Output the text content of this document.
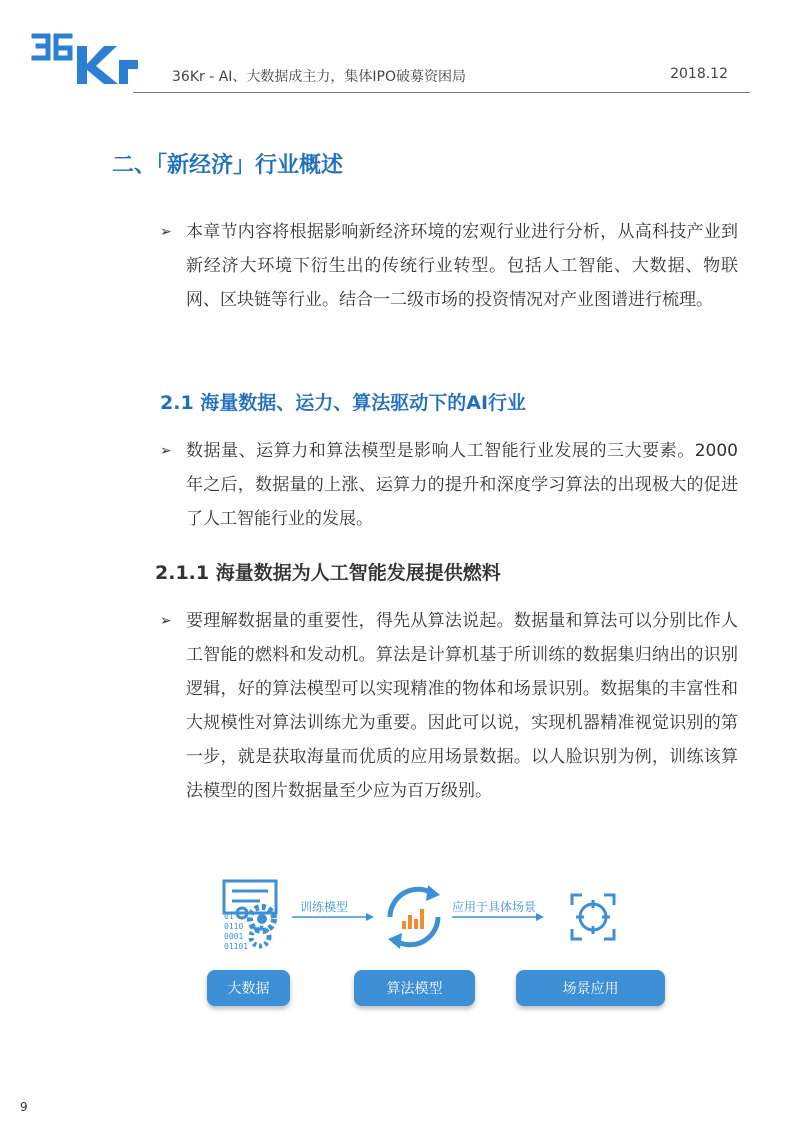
36Kr - AI、大数据成主力，集体IPO破募资困局	2018.12
二、「新经济」行业概述
➢ 本章节内容将根据影响新经济环境的宏观行业进行分析，从高科技产业到新经济大环境下衍生出的传统行业转型。包括人工智能、大数据、物联网、区块链等行业。结合一二级市场的投资情况对产业图谱进行梳理。
2.1 海量数据、运力、算法驱动下的AI行业
➢ 数据量、运算力和算法模型是影响人工智能行业发展的三大要素。2000年之后，数据量的上涨、运算力的提升和深度学习算法的出现极大的促进了人工智能行业的发展。
2.1.1 海量数据为人工智能发展提供燃料
➢ 要理解数据量的重要性，得先从算法说起。数据量和算法可以分别比作人工智能的燃料和发动机。算法是计算机基于所训练的数据集归纳出的识别逻辑，好的算法模型可以实现精准的物体和场景识别。数据集的丰富性和大规模性对算法训练尤为重要。因此可以说，实现机器精准视觉识别的第一步，就是获取海量而优质的应用场景数据。以人脸识别为例，训练该算法模型的图片数据量至少应为百万级别。
01
0110
0001
01101
训练模型	应用于具体场景
大数据	算法模型	场景应用
9
